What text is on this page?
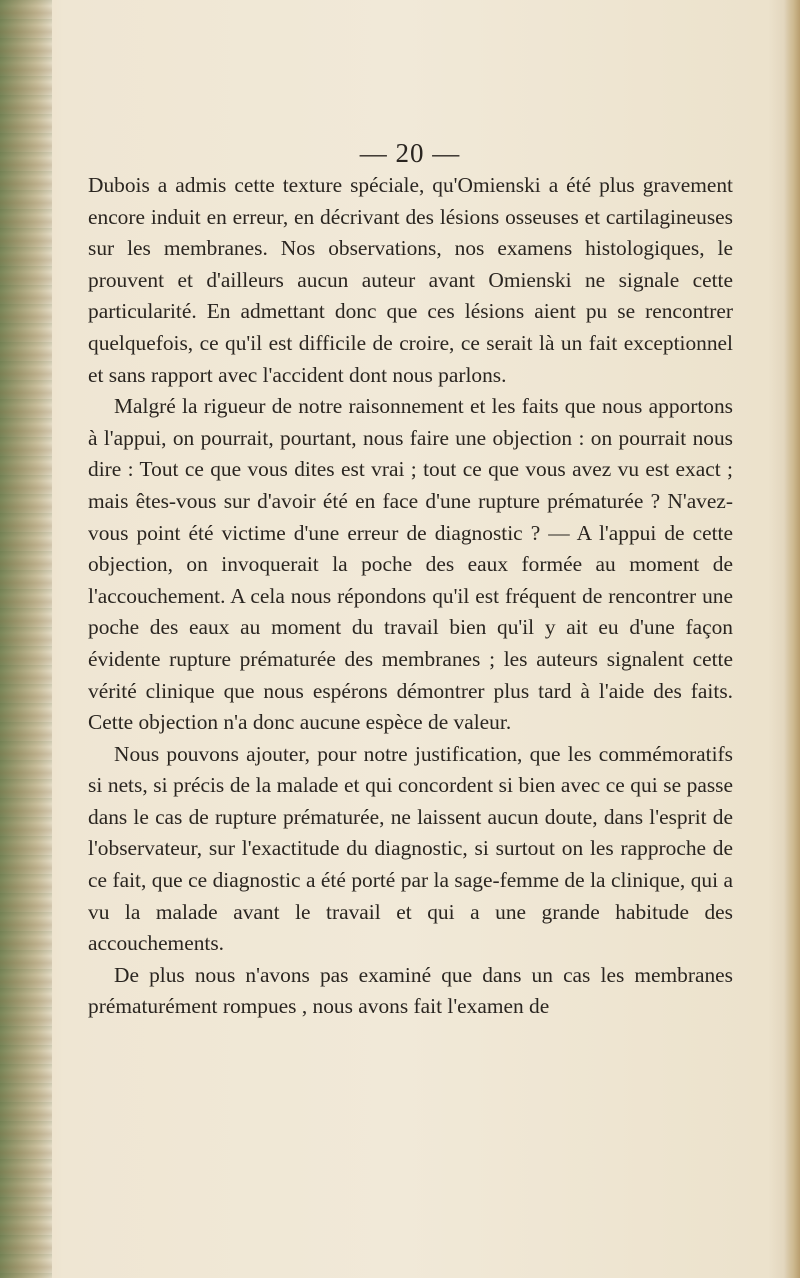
— 20 —

Dubois a admis cette texture spéciale, qu'Omienski a été plus gravement encore induit en erreur, en décrivant des lésions osseuses et cartilagineuses sur les membranes. Nos observations, nos examens histologiques, le prouvent et d'ailleurs aucun auteur avant Omienski ne signale cette particularité. En admettant donc que ces lésions aient pu se rencontrer quelquefois, ce qu'il est difficile de croire, ce serait là un fait exceptionnel et sans rapport avec l'accident dont nous parlons.

Malgré la rigueur de notre raisonnement et les faits que nous apportons à l'appui, on pourrait, pourtant, nous faire une objection : on pourrait nous dire : Tout ce que vous dites est vrai ; tout ce que vous avez vu est exact ; mais êtes-vous sur d'avoir été en face d'une rupture prématurée ? N'avez-vous point été victime d'une erreur de diagnostic ? — A l'appui de cette objection, on invoquerait la poche des eaux formée au moment de l'accouchement. A cela nous répondons qu'il est fréquent de rencontrer une poche des eaux au moment du travail bien qu'il y ait eu d'une façon évidente rupture prématurée des membranes ; les auteurs signalent cette vérité clinique que nous espérons démontrer plus tard à l'aide des faits. Cette objection n'a donc aucune espèce de valeur.

Nous pouvons ajouter, pour notre justification, que les commémoratifs si nets, si précis de la malade et qui concordent si bien avec ce qui se passe dans le cas de rupture prématurée, ne laissent aucun doute, dans l'esprit de l'observateur, sur l'exactitude du diagnostic, si surtout on les rapproche de ce fait, que ce diagnostic a été porté par la sage-femme de la clinique, qui a vu la malade avant le travail et qui a une grande habitude des accouchements.

De plus nous n'avons pas examiné que dans un cas les membranes prématurément rompues , nous avons fait l'examen de
